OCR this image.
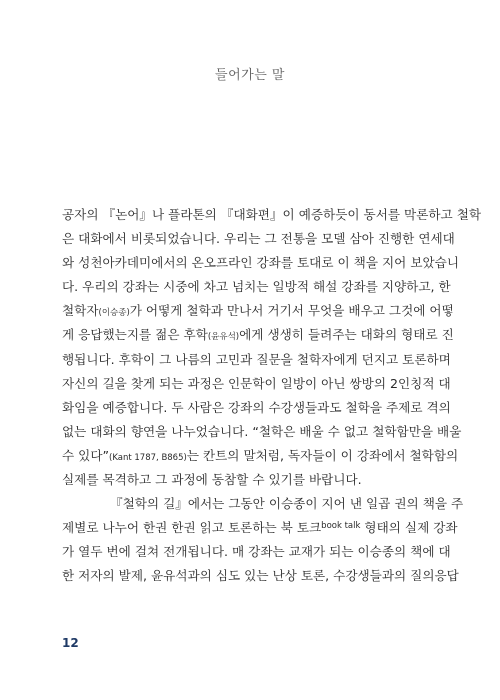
들어가는 말
공자의 『논어』나 플라톤의 『대화편』이 예증하듯이 동서를 막론하고 철학
은 대화에서 비롯되었습니다. 우리는 그 전통을 모델 삼아 진행한 연세대
와 성천아카데미에서의 온오프라인 강좌를 토대로 이 책을 지어 보았습니
다. 우리의 강좌는 시중에 차고 넘치는 일방적 해설 강좌를 지양하고, 한
철학자(이승종)가 어떻게 철학과 만나서 거기서 무엇을 배우고 그것에 어떻
게 응답했는지를 젊은 후학(윤유석)에게 생생히 들려주는 대화의 형태로 진
행됩니다. 후학이 그 나름의 고민과 질문을 철학자에게 던지고 토론하며
자신의 길을 찾게 되는 과정은 인문학이 일방이 아닌 쌍방의 2인칭적 대
화임을 예증합니다. 두 사람은 강좌의 수강생들과도 철학을 주제로 격의
없는 대화의 향연을 나누었습니다. “철학은 배울 수 없고 철학함만을 배울
수 있다”(Kant 1787, B865)는 칸트의 말처럼, 독자들이 이 강좌에서 철학함의
실제를 목격하고 그 과정에 동참할 수 있기를 바랍니다.
『철학의 길』에서는 그동안 이승종이 지어 낸 일곱 권의 책을 주
제별로 나누어 한권 한권 읽고 토론하는 북 토크$^{book talk}$ 형태의 실제 강좌
가 열두 번에 걸쳐 전개됩니다. 매 강좌는 교재가 되는 이승종의 책에 대
한 저자의 발제, 윤유석과의 심도 있는 난상 토론, 수강생들과의 질의응답
12
